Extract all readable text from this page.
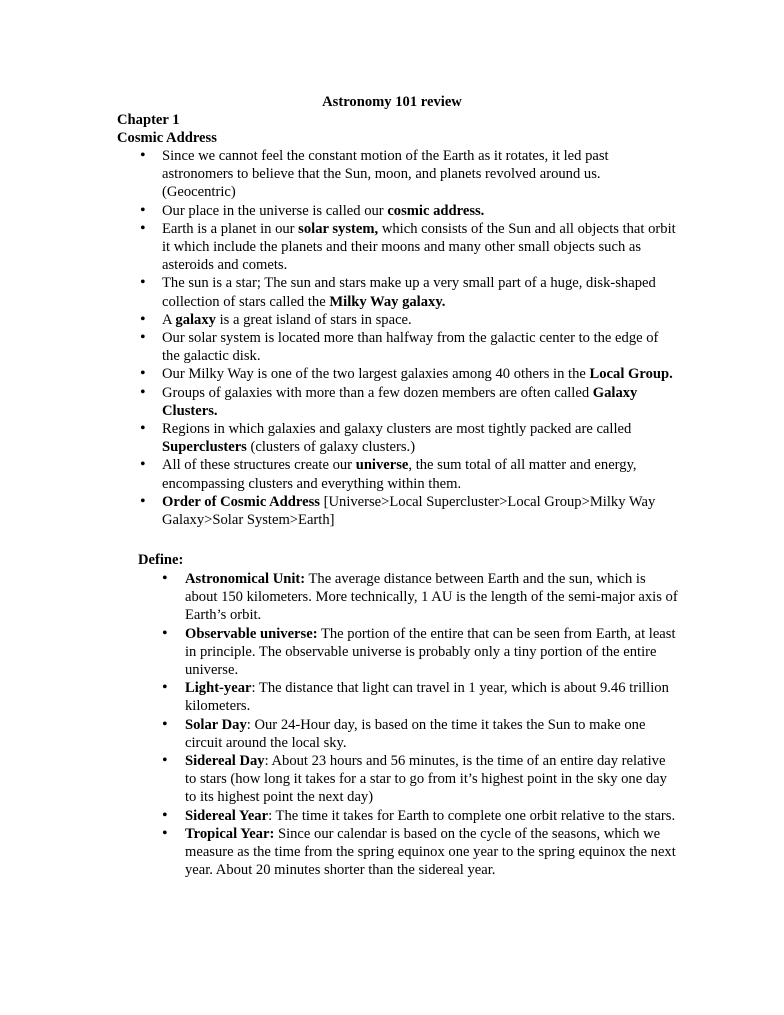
Astronomy 101 review
Chapter 1
Cosmic Address
• Since we cannot feel the constant motion of the Earth as it rotates, it led past astronomers to believe that the Sun, moon, and planets revolved around us. (Geocentric)
• Our place in the universe is called our cosmic address.
• Earth is a planet in our solar system, which consists of the Sun and all objects that orbit it which include the planets and their moons and many other small objects such as asteroids and comets.
• The sun is a star; The sun and stars make up a very small part of a huge, disk-shaped collection of stars called the Milky Way galaxy.
• A galaxy is a great island of stars in space.
• Our solar system is located more than halfway from the galactic center to the edge of the galactic disk.
• Our Milky Way is one of the two largest galaxies among 40 others in the Local Group.
• Groups of galaxies with more than a few dozen members are often called Galaxy Clusters.
• Regions in which galaxies and galaxy clusters are most tightly packed are called Superclusters (clusters of galaxy clusters.)
• All of these structures create our universe, the sum total of all matter and energy, encompassing clusters and everything within them.
• Order of Cosmic Address [Universe>Local Supercluster>Local Group>Milky Way Galaxy>Solar System>Earth]
Define:
• Astronomical Unit: The average distance between Earth and the sun, which is about 150 kilometers. More technically, 1 AU is the length of the semi-major axis of Earth’s orbit.
• Observable universe: The portion of the entire that can be seen from Earth, at least in principle. The observable universe is probably only a tiny portion of the entire universe.
• Light-year: The distance that light can travel in 1 year, which is about 9.46 trillion kilometers.
• Solar Day: Our 24-Hour day, is based on the time it takes the Sun to make one circuit around the local sky.
• Sidereal Day: About 23 hours and 56 minutes, is the time of an entire day relative to stars (how long it takes for a star to go from it’s highest point in the sky one day to its highest point the next day)
• Sidereal Year: The time it takes for Earth to complete one orbit relative to the stars.
• Tropical Year: Since our calendar is based on the cycle of the seasons, which we measure as the time from the spring equinox one year to the spring equinox the next year. About 20 minutes shorter than the sidereal year.
